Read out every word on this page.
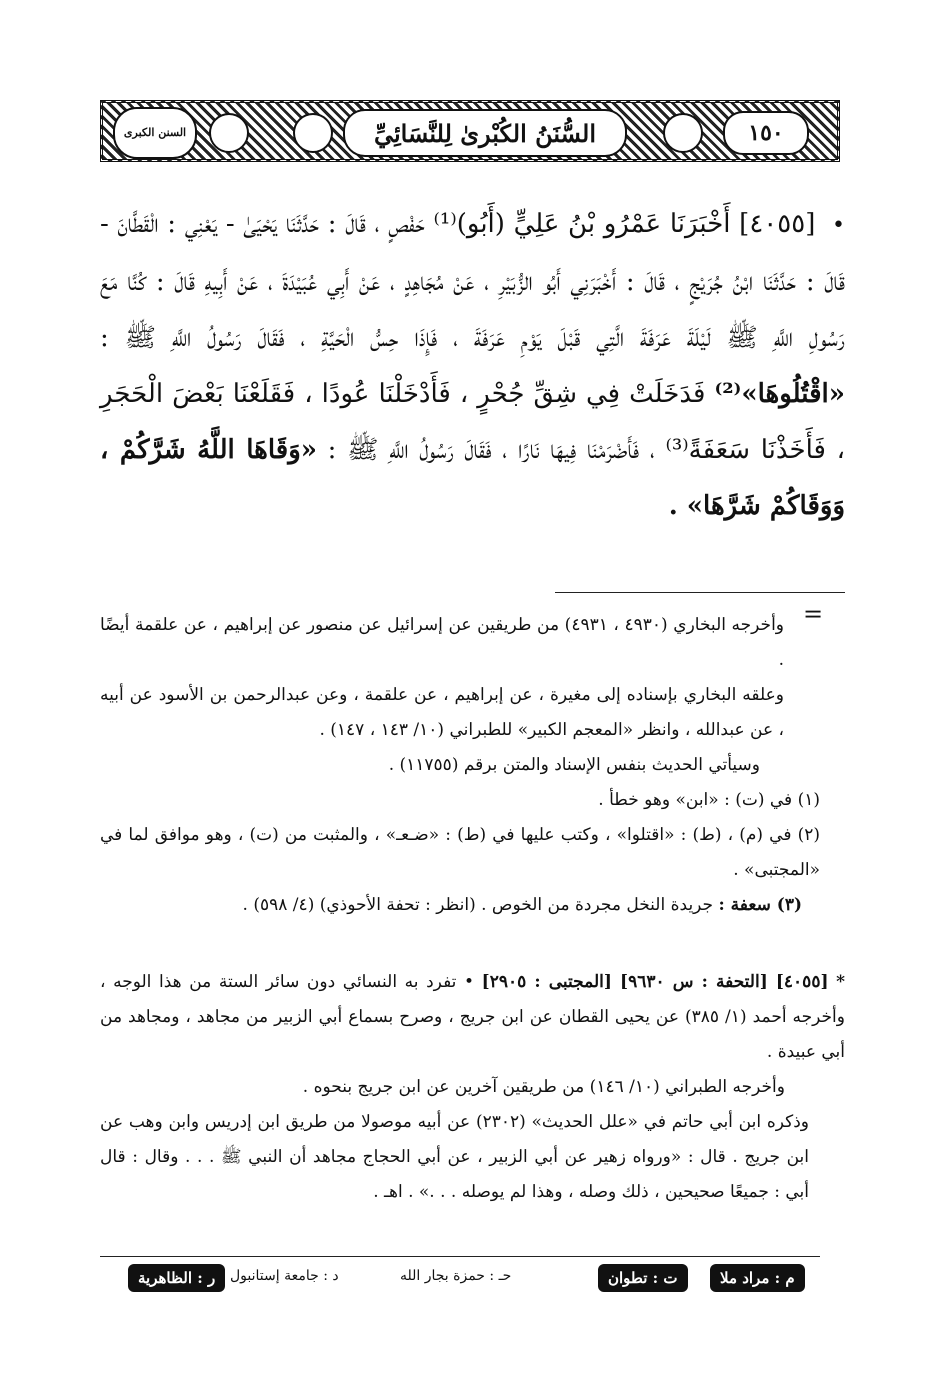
السنن الكبرى	السُّنَنُ الكُبْرىٰ لِلنَّسَائِيِّ	١٥٠
• [٤٠٥٥] أَخْبَرَنَا عَمْرُو بْنُ عَلِيٍّ (أَبُو)⁽¹⁾ حَفْصٍ ، قَالَ : حَدَّثَنَا يَحْيَىٰ - يَعْنِي : الْقَطَّانَ - قَالَ : حَدَّثَنَا ابْنُ جُرَيْجٍ ، قَالَ : أَخْبَرَنِي أَبُو الزُّبَيْرِ ، عَنْ مُجَاهِدٍ ، عَنْ أَبِي عُبَيْدَةَ ، عَنْ أَبِيهِ قَالَ : كُنَّا مَعَ رَسُولِ اللَّهِ ﷺ لَيْلَةَ عَرَفَةَ الَّتِي قَبْلَ يَوْمِ عَرَفَةَ ، فَإِذَا حِسُّ الْحَيَّةِ ، فَقَالَ رَسُولُ اللَّهِ ﷺ : «اقْتُلُوهَا»⁽²⁾ فَدَخَلَتْ فِي شِقِّ جُحْرٍ ، فَأَدْخَلْنَا عُودًا ، فَقَلَعْنَا بَعْضَ الْحَجَرِ ، فَأَخَذْنَا سَعَفَةً⁽³⁾ ، فَأَضْرَمْنَا فِيهَا نَارًا ، فَقَالَ رَسُولُ اللَّهِ ﷺ : «وَقَاهَا اللَّهُ شَرَّكُمْ ، وَوَقَاكُمْ شَرَّهَا» .
=

وأخرجه البخاري (٤٩٣٠ ، ٤٩٣١) من طريقين عن إسرائيل عن منصور عن إبراهيم ، عن علقمة أيضًا .

وعلقه البخاري بإسناده إلى مغيرة ، عن إبراهيم ، عن علقمة ، وعن عبدالرحمن بن الأسود عن أبيه ، عن عبدالله ، وانظر «المعجم الكبير» للطبراني (١٠/ ١٤٣ ، ١٤٧) .

وسيأتي الحديث بنفس الإسناد والمتن برقم (١١٧٥٥) .

(١) في (ت) : «ابن» وهو خطأ .

(٢) في (م) ، (ط) : «اقتلوا» ، وكتب عليها في (ط) : «ضـعـ» ، والمثبت من (ت) ، وهو موافق لما في «المجتبى» .

(٣) سعفة : جريدة النخل مجردة من الخوص . (انظر : تحفة الأحوذي) (٤/ ٥٩٨) .

* [٤٠٥٥] [التحفة : س ٩٦٣٠] [المجتبى : ٢٩٠٥] • تفرد به النسائي دون سائر الستة من هذا الوجه ، وأخرجه أحمد (١/ ٣٨٥) عن يحيى القطان عن ابن جريج ، وصرح بسماع أبي الزبير من مجاهد ، ومجاهد من أبي عبيدة .

وأخرجه الطبراني (١٠/ ١٤٦) من طريقين آخرين عن ابن جريج بنحوه .

وذكره ابن أبي حاتم في «علل الحديث» (٢٣٠٢) عن أبيه موصولا من طريق ابن إدريس وابن وهب عن ابن جريج . قال : «ورواه زهير عن أبي الزبير ، عن أبي الحجاج مجاهد أن النبي ﷺ . . . وقال : قال أبي : جميعًا صحيحين ، ذلك وصله ، وهذا لم يوصله . . .» . اهـ .

م : مراد ملا
ت : تطوان
حـ : حمزة بجار الله
د : جامعة إستانبول
ر : الظاهرية
